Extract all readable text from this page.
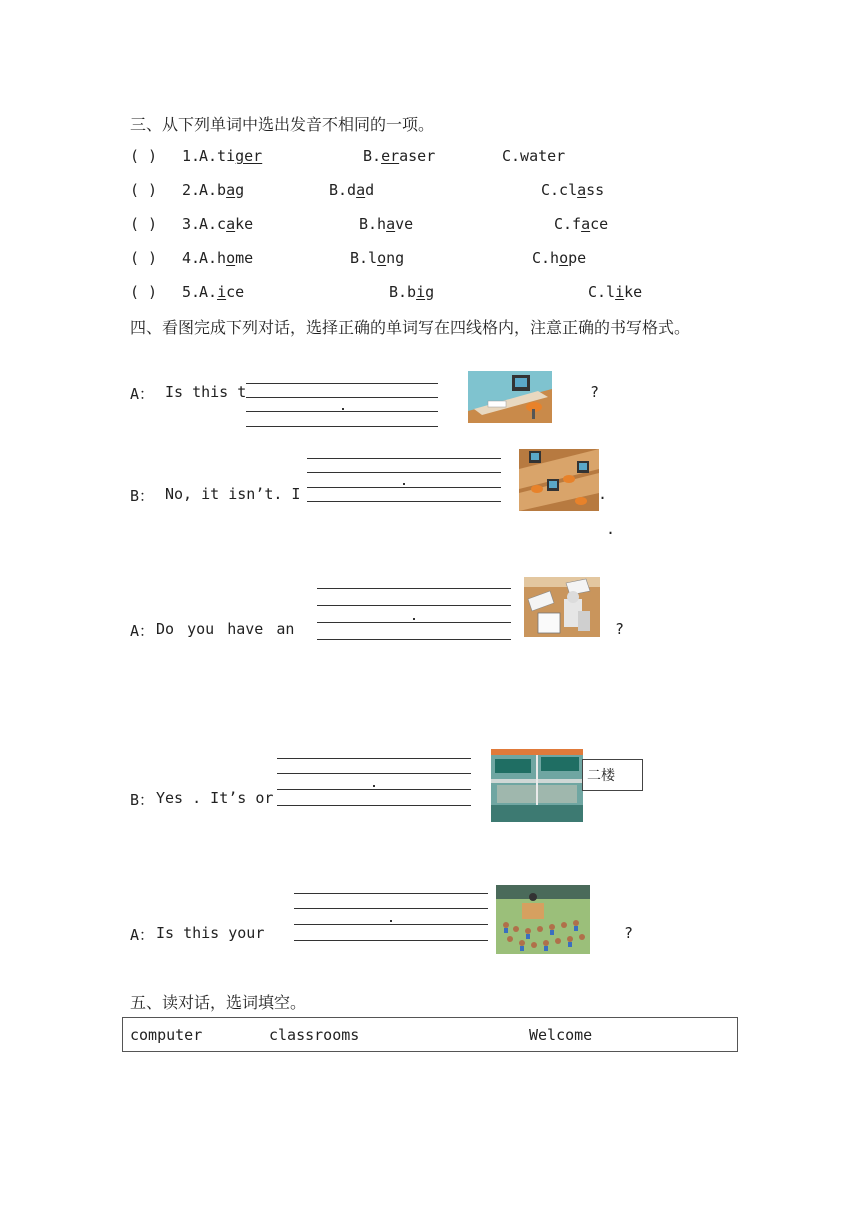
三、从下列单词中选出发音不相同的一项。
( ) 1.
A.tiger	B.eraser	C.water
( ) 2.
A.bag	B.dad	C.class
( ) 3.
A.cake	B.have	C.face
( ) 4.
A.home	B.long	C.hope
( ) 5.
A.ice	B.big	C.like
四、看图完成下列对话，选择正确的单词写在四线格内，注意正确的书写格式。
A： Is this t	?
B： No, it isn’t. I	.
.
A： Do you have an	?
B： Yes . It’s or
二楼
A： Is this your	?
五、读对话，选词填空。
computer	classrooms	Welcome
